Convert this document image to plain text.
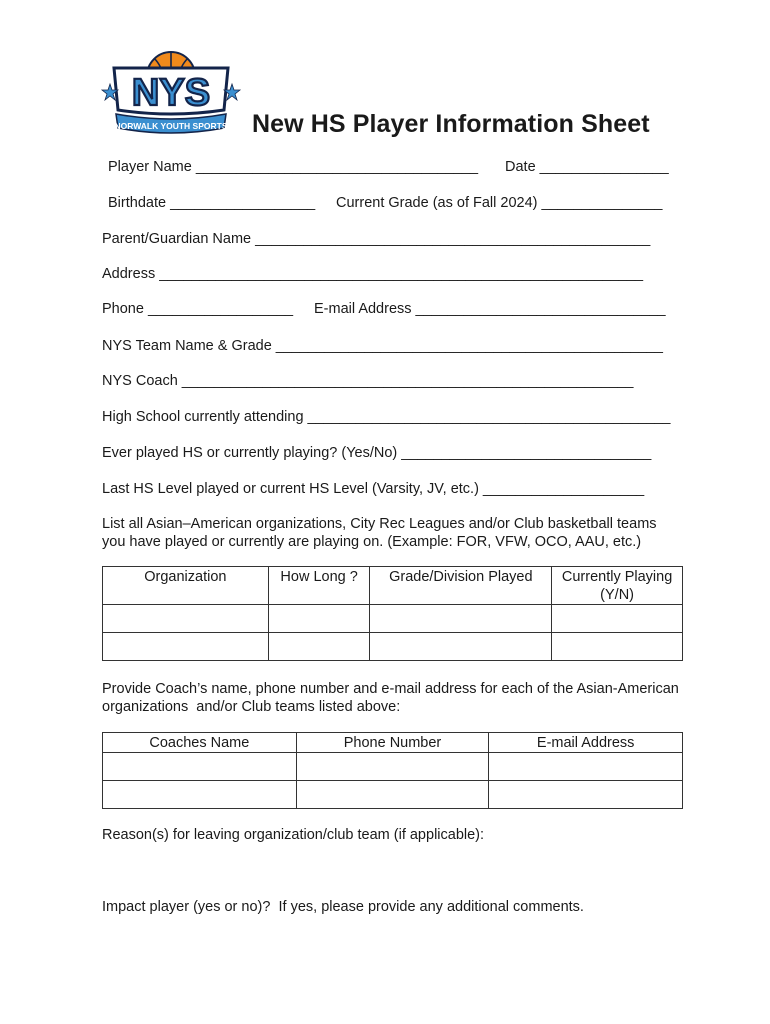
NYS
NORWALK YOUTH SPORTS New HS Player Information Sheet
Player Name ___________________________________ Date ________________
Birthdate __________________ Current Grade (as of Fall 2024) _______________
Parent/Guardian Name _________________________________________________
Address ____________________________________________________________
Phone __________________ E-mail Address _______________________________
NYS Team Name & Grade ________________________________________________
NYS Coach ________________________________________________________
High School currently attending _____________________________________________
Ever played HS or currently playing? (Yes/No) _______________________________
Last HS Level played or current HS Level (Varsity, JV, etc.) ____________________
List all Asian–American organizations, City Rec Leagues and/or Club basketball teams
you have played or currently are playing on. (Example: FOR, VFW, OCO, AAU, etc.)
Organization	How Long ?	Grade/Division Played	Currently Playing (Y/N)

Provide Coach’s name, phone number and e-mail address for each of the Asian-American
organizations  and/or Club teams listed above:
Coaches Name	Phone Number	E-mail Address

Reason(s) for leaving organization/club team (if applicable):
Impact player (yes or no)?  If yes, please provide any additional comments.
